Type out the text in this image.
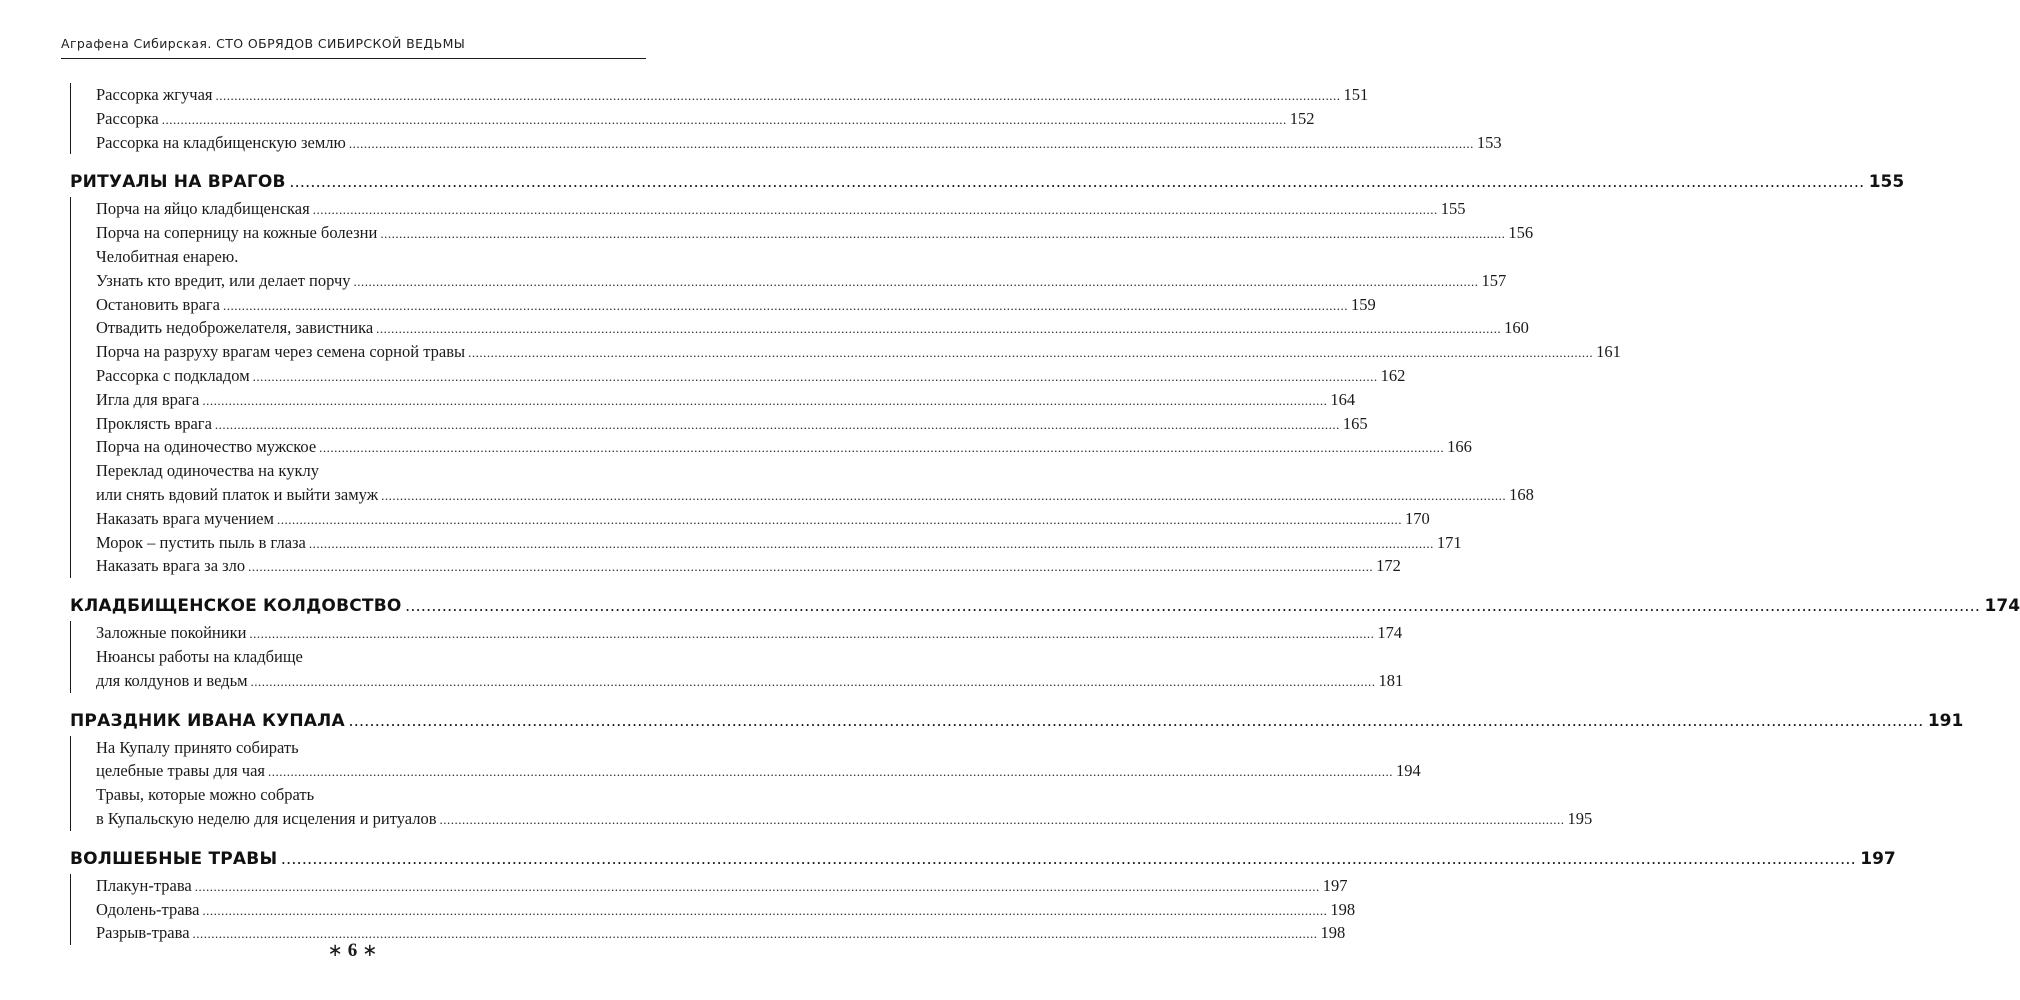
Аграфена Сибирская. СТО ОБРЯДОВ СИБИРСКОЙ ВЕДЬМЫ
Рассорка жгучая ............................................................................................................................................................................................................................................................................................................ 151
Рассорка ............................................................................................................................................................................................................................................................................................................ 152
Рассорка на кладбищенскую землю ............................................................................................................................................................................................................................................................................................................ 153
РИТУАЛЫ НА ВРАГОВ ............................................................................................................................................................................................................................................................................................................ 155
Порча на яйцо кладбищенская ............................................................................................................................................................................................................................................................................................................ 155
Порча на соперницу на кожные болезни ............................................................................................................................................................................................................................................................................................................ 156
Челобитная енарею.
Узнать кто вредит, или делает порчу ............................................................................................................................................................................................................................................................................................................ 157
Остановить врага ............................................................................................................................................................................................................................................................................................................ 159
Отвадить недоброжелателя, завистника ............................................................................................................................................................................................................................................................................................................ 160
Порча на разруху врагам через семена сорной травы ............................................................................................................................................................................................................................................................................................................ 161
Рассорка с подкладом ............................................................................................................................................................................................................................................................................................................ 162
Игла для врага ............................................................................................................................................................................................................................................................................................................ 164
Проклясть врага ............................................................................................................................................................................................................................................................................................................ 165
Порча на одиночество мужское ............................................................................................................................................................................................................................................................................................................ 166
Переклад одиночества на куклу
или снять вдовий платок и выйти замуж ............................................................................................................................................................................................................................................................................................................ 168
Наказать врага мучением ............................................................................................................................................................................................................................................................................................................ 170
Морок – пустить пыль в глаза ............................................................................................................................................................................................................................................................................................................ 171
Наказать врага за зло ............................................................................................................................................................................................................................................................................................................ 172
КЛАДБИЩЕНСКОЕ КОЛДОВСТВО ............................................................................................................................................................................................................................................................................................................ 174
Заложные покойники ............................................................................................................................................................................................................................................................................................................ 174
Нюансы работы на кладбище
для колдунов и ведьм ............................................................................................................................................................................................................................................................................................................ 181
ПРАЗДНИК ИВАНА КУПАЛА ............................................................................................................................................................................................................................................................................................................ 191
На Купалу принято собирать
целебные травы для чая ............................................................................................................................................................................................................................................................................................................ 194
Травы, которые можно собрать
в Купальскую неделю для исцеления и ритуалов ............................................................................................................................................................................................................................................................................................................ 195
ВОЛШЕБНЫЕ ТРАВЫ ............................................................................................................................................................................................................................................................................................................ 197
Плакун-трава ............................................................................................................................................................................................................................................................................................................ 197
Одолень-трава ............................................................................................................................................................................................................................................................................................................ 198
Разрыв-трава ............................................................................................................................................................................................................................................................................................................ 198
∗ 6 ∗
